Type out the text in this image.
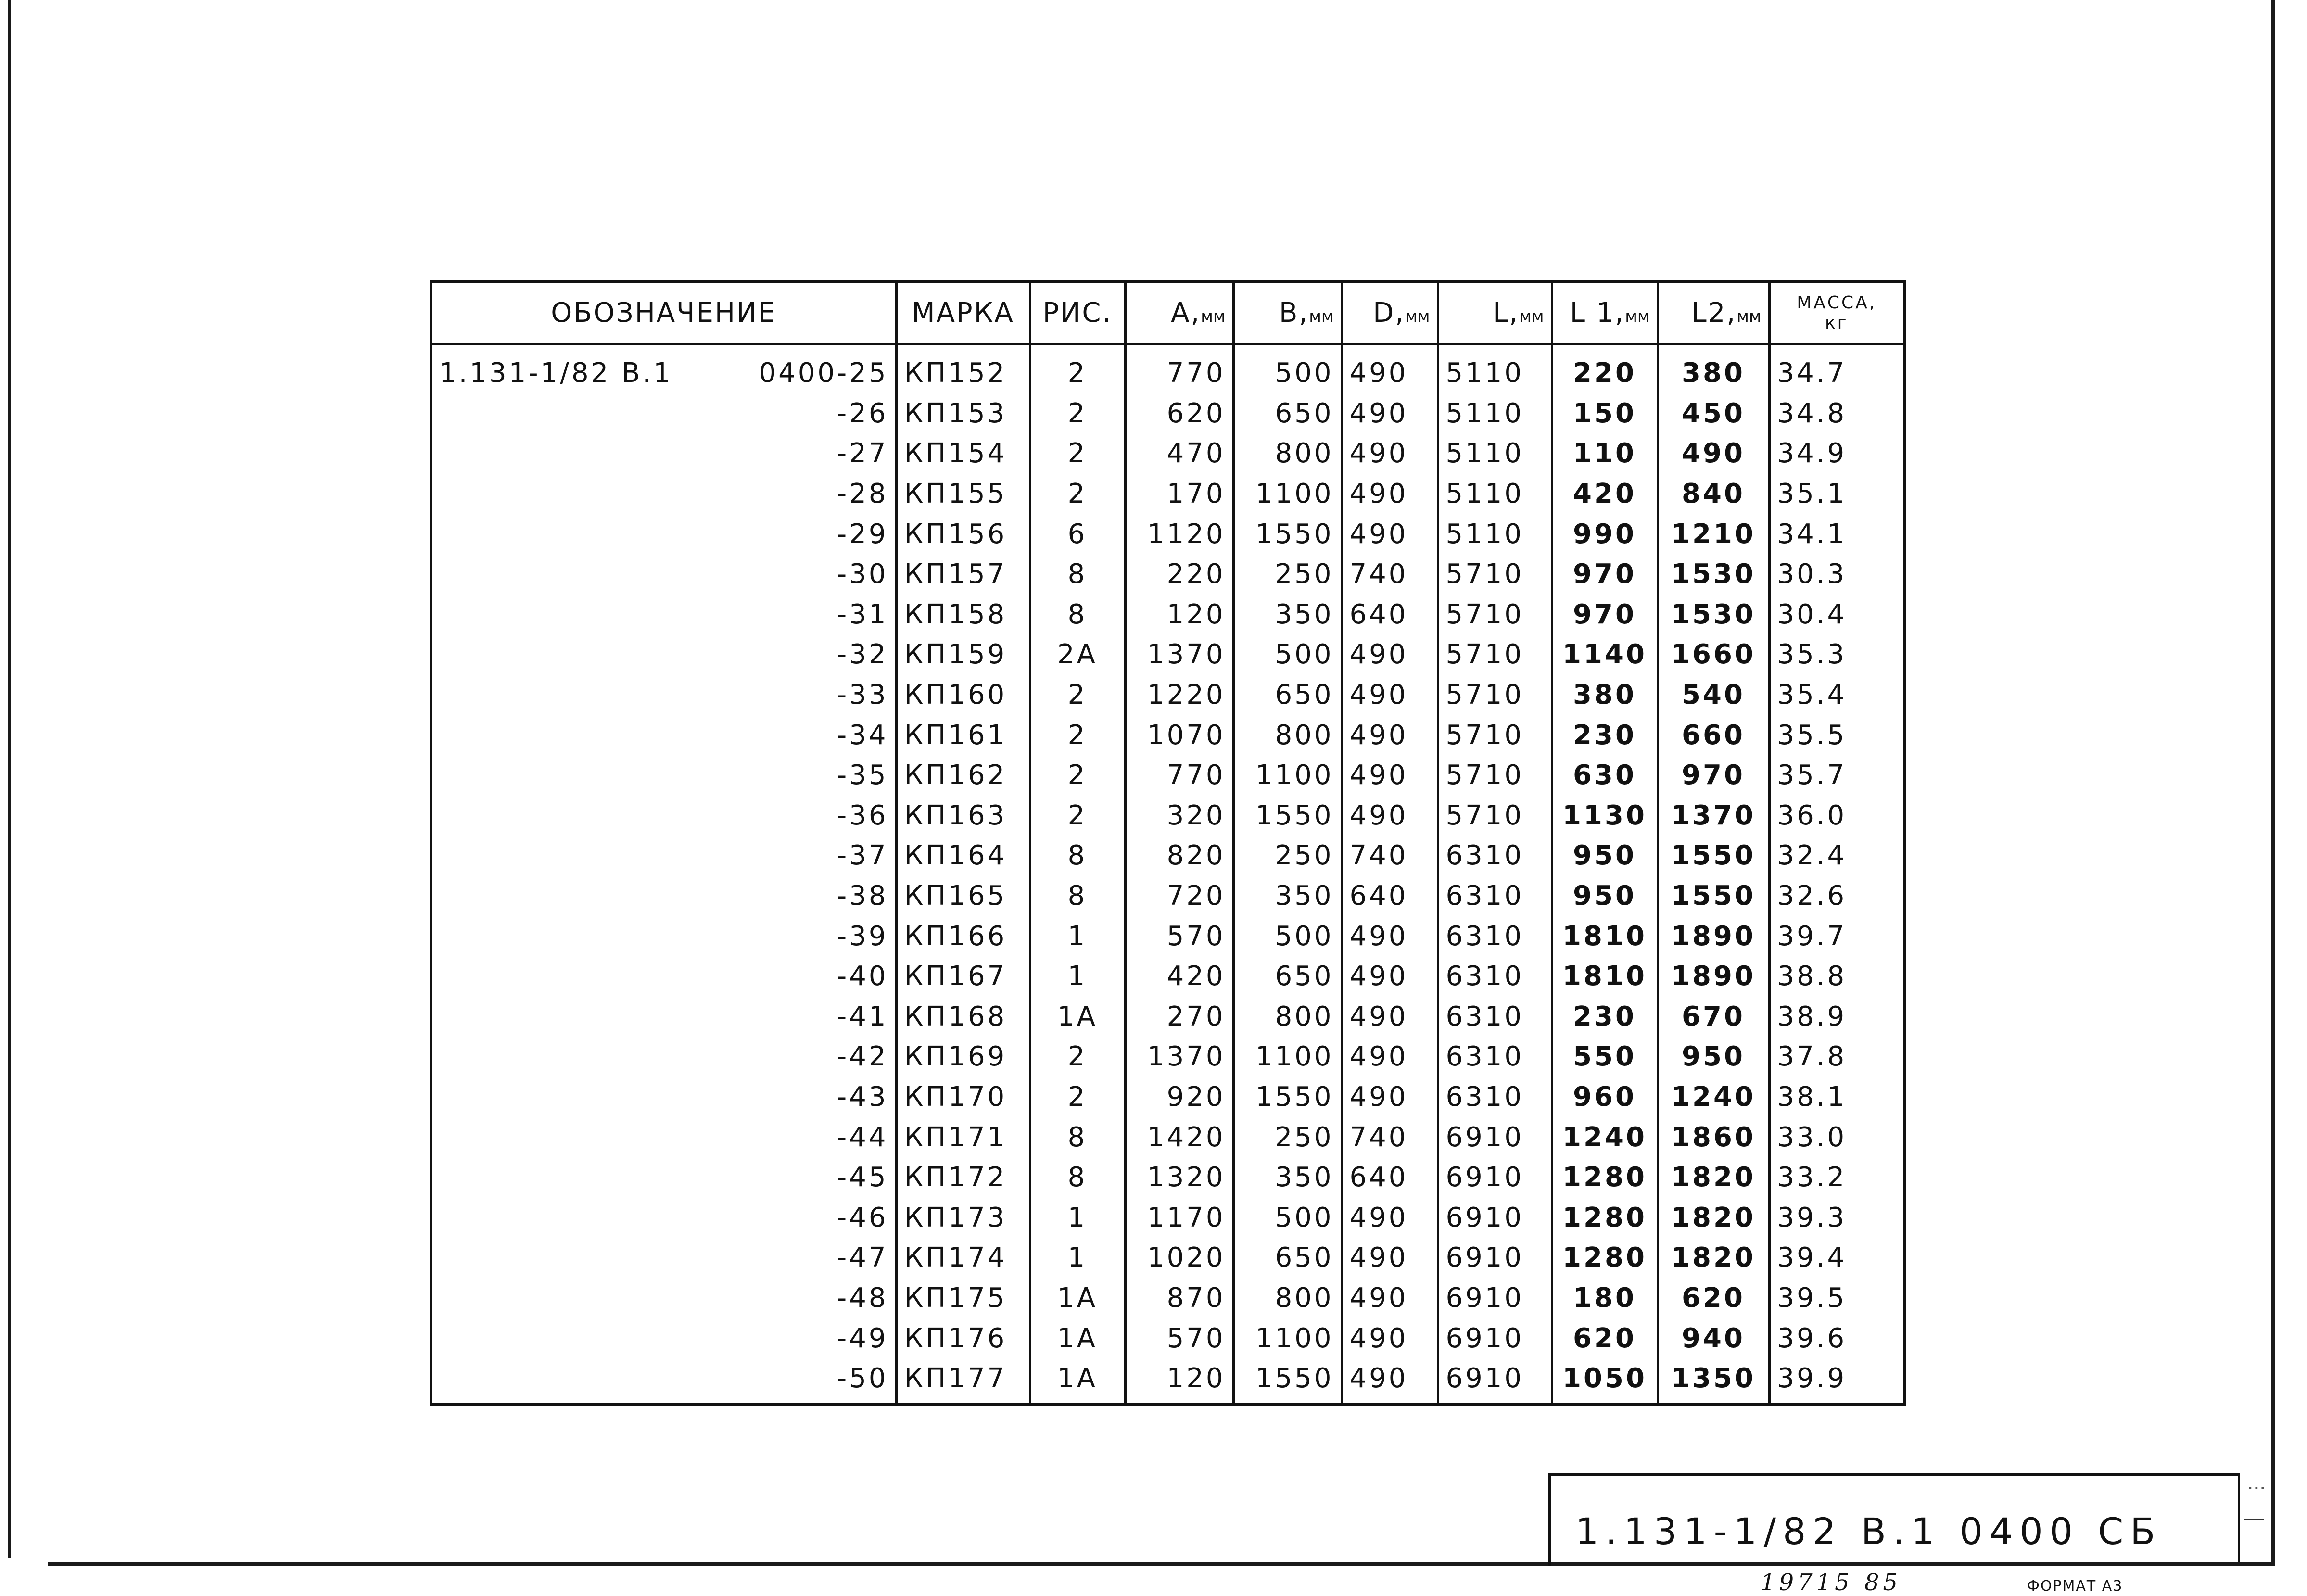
ОБОЗНАЧЕНИЕ	МАРКА	РИС.	А,мм	В,мм	D,мм	L,мм	L 1,мм	L2,мм	МАССА,
кг

1.131-1/82 В.1 0400-25	КП152	2	770	500	490	5110	220	380	34.7

-26	КП153	2	620	650	490	5110	150	450	34.8

-27	КП154	2	470	800	490	5110	110	490	34.9

-28	КП155	2	170	1100	490	5110	420	840	35.1

-29	КП156	6	1120	1550	490	5110	990	1210	34.1

-30	КП157	8	220	250	740	5710	970	1530	30.3

-31	КП158	8	120	350	640	5710	970	1530	30.4

-32	КП159	2А	1370	500	490	5710	1140	1660	35.3

-33	КП160	2	1220	650	490	5710	380	540	35.4

-34	КП161	2	1070	800	490	5710	230	660	35.5

-35	КП162	2	770	1100	490	5710	630	970	35.7

-36	КП163	2	320	1550	490	5710	1130	1370	36.0

-37	КП164	8	820	250	740	6310	950	1550	32.4

-38	КП165	8	720	350	640	6310	950	1550	32.6

-39	КП166	1	570	500	490	6310	1810	1890	39.7

-40	КП167	1	420	650	490	6310	1810	1890	38.8

-41	КП168	1А	270	800	490	6310	230	670	38.9

-42	КП169	2	1370	1100	490	6310	550	950	37.8

-43	КП170	2	920	1550	490	6310	960	1240	38.1

-44	КП171	8	1420	250	740	6910	1240	1860	33.0

-45	КП172	8	1320	350	640	6910	1280	1820	33.2

-46	КП173	1	1170	500	490	6910	1280	1820	39.3

-47	КП174	1	1020	650	490	6910	1280	1820	39.4

-48	КП175	1А	870	800	490	6910	180	620	39.5

-49	КП176	1А	570	1100	490	6910	620	940	39.6

-50	КП177	1А	120	1550	490	6910	1050	1350	39.9
1.131-1/82 В.1 0400 СБ
⋮
19715 85	ФОРМАТ А3
